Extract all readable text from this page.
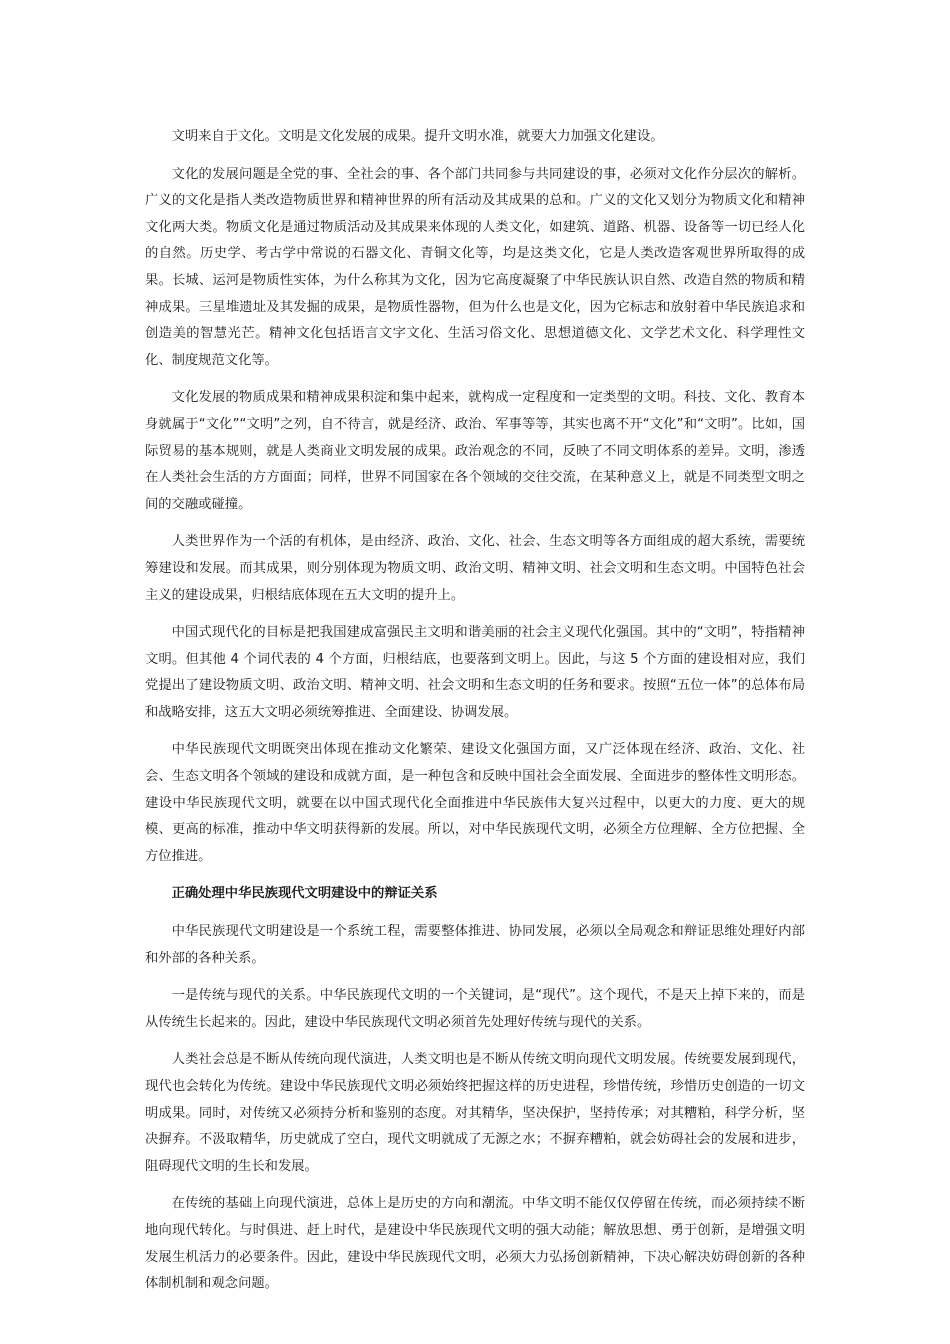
文明来自于文化。文明是文化发展的成果。提升文明水准，就要大力加强文化建设。

文化的发展问题是全党的事、全社会的事、各个部门共同参与共同建设的事，必须对文化作分层次的解析。广义的文化是指人类改造物质世界和精神世界的所有活动及其成果的总和。广义的文化又划分为物质文化和精神文化两大类。物质文化是通过物质活动及其成果来体现的人类文化，如建筑、道路、机器、设备等一切已经人化的自然。历史学、考古学中常说的石器文化、青铜文化等，均是这类文化，它是人类改造客观世界所取得的成果。长城、运河是物质性实体，为什么称其为文化，因为它高度凝聚了中华民族认识自然、改造自然的物质和精神成果。三星堆遗址及其发掘的成果，是物质性器物，但为什么也是文化，因为它标志和放射着中华民族追求和创造美的智慧光芒。精神文化包括语言文字文化、生活习俗文化、思想道德文化、文学艺术文化、科学理性文化、制度规范文化等。

文化发展的物质成果和精神成果积淀和集中起来，就构成一定程度和一定类型的文明。科技、文化、教育本身就属于“文化”“文明”之列，自不待言，就是经济、政治、军事等等，其实也离不开“文化”和“文明”。比如，国际贸易的基本规则，就是人类商业文明发展的成果。政治观念的不同，反映了不同文明体系的差异。文明，渗透在人类社会生活的方方面面；同样，世界不同国家在各个领域的交往交流，在某种意义上，就是不同类型文明之间的交融或碰撞。

人类世界作为一个活的有机体，是由经济、政治、文化、社会、生态文明等各方面组成的超大系统，需要统筹建设和发展。而其成果，则分别体现为物质文明、政治文明、精神文明、社会文明和生态文明。中国特色社会主义的建设成果，归根结底体现在五大文明的提升上。

中国式现代化的目标是把我国建成富强民主文明和谐美丽的社会主义现代化强国。其中的“文明”，特指精神文明。但其他 4 个词代表的 4 个方面，归根结底，也要落到文明上。因此，与这 5 个方面的建设相对应，我们党提出了建设物质文明、政治文明、精神文明、社会文明和生态文明的任务和要求。按照“五位一体”的总体布局和战略安排，这五大文明必须统筹推进、全面建设、协调发展。

中华民族现代文明既突出体现在推动文化繁荣、建设文化强国方面，又广泛体现在经济、政治、文化、社会、生态文明各个领域的建设和成就方面，是一种包含和反映中国社会全面发展、全面进步的整体性文明形态。建设中华民族现代文明，就要在以中国式现代化全面推进中华民族伟大复兴过程中，以更大的力度、更大的规模、更高的标准，推动中华文明获得新的发展。所以，对中华民族现代文明，必须全方位理解、全方位把握、全方位推进。

正确处理中华民族现代文明建设中的辩证关系

中华民族现代文明建设是一个系统工程，需要整体推进、协同发展，必须以全局观念和辩证思维处理好内部和外部的各种关系。

一是传统与现代的关系。中华民族现代文明的一个关键词，是“现代”。这个现代，不是天上掉下来的，而是从传统生长起来的。因此，建设中华民族现代文明必须首先处理好传统与现代的关系。

人类社会总是不断从传统向现代演进，人类文明也是不断从传统文明向现代文明发展。传统要发展到现代，现代也会转化为传统。建设中华民族现代文明必须始终把握这样的历史进程，珍惜传统，珍惜历史创造的一切文明成果。同时，对传统又必须持分析和鉴别的态度。对其精华，坚决保护，坚持传承；对其糟粕，科学分析，坚决摒弃。不汲取精华，历史就成了空白，现代文明就成了无源之水；不摒弃糟粕，就会妨碍社会的发展和进步，阻碍现代文明的生长和发展。

在传统的基础上向现代演进，总体上是历史的方向和潮流。中华文明不能仅仅停留在传统，而必须持续不断地向现代转化。与时俱进、赶上时代，是建设中华民族现代文明的强大动能；解放思想、勇于创新，是增强文明发展生机活力的必要条件。因此，建设中华民族现代文明，必须大力弘扬创新精神，下决心解决妨碍创新的各种体制机制和观念问题。
